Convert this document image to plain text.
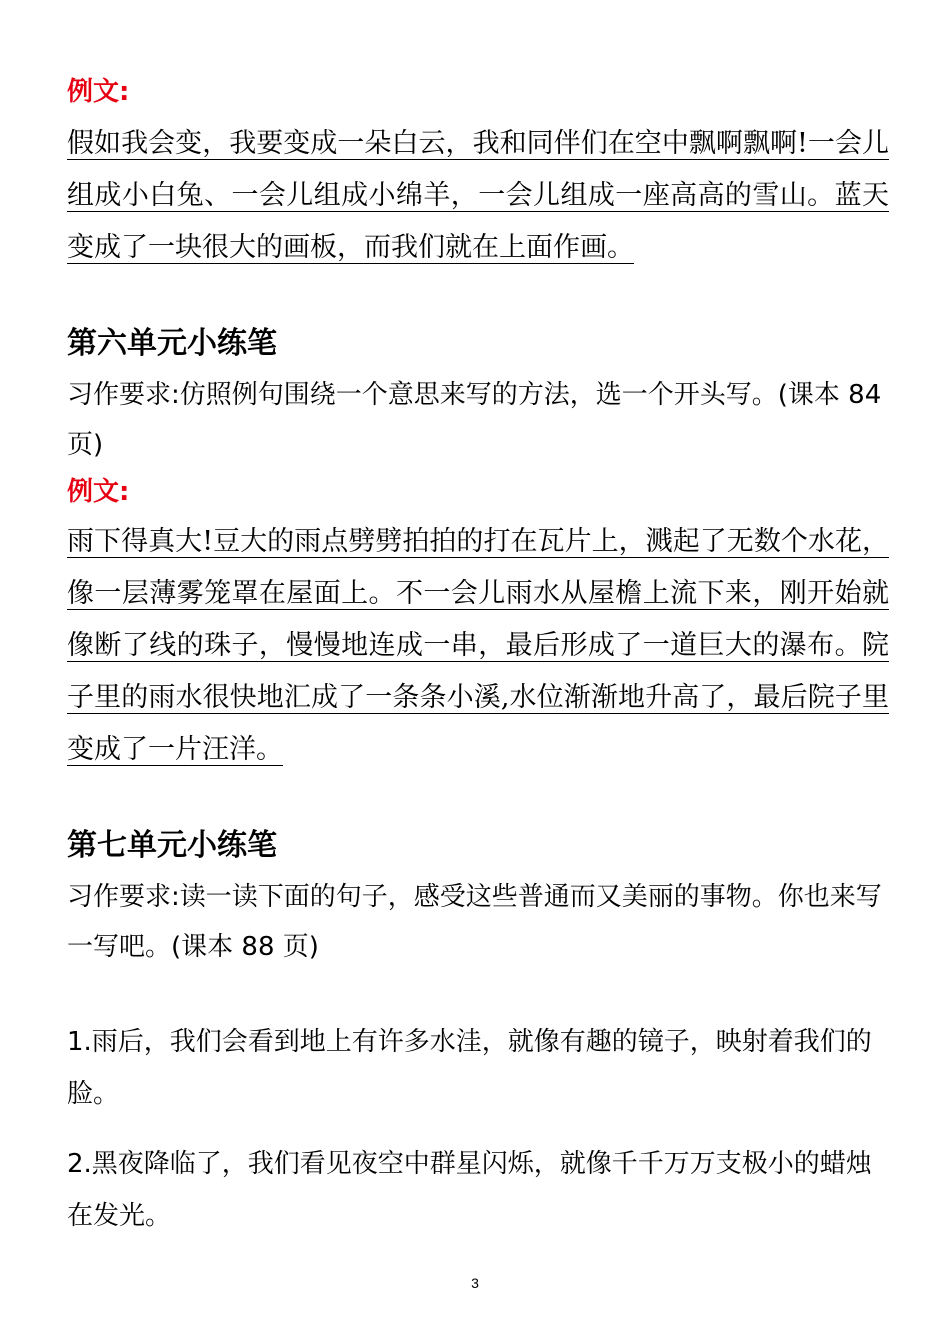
例文:

假如我会变，我要变成一朵白云，我和同伴们在空中飘啊飘啊!一会儿组成小白兔、一会儿组成小绵羊，一会儿组成一座高高的雪山。蓝天变成了一块很大的画板，而我们就在上面作画。

第六单元小练笔

习作要求:仿照例句围绕一个意思来写的方法，选一个开头写。(课本 84 页)

例文:

雨下得真大!豆大的雨点劈劈拍拍的打在瓦片上，溅起了无数个水花，像一层薄雾笼罩在屋面上。不一会儿雨水从屋檐上流下来，刚开始就像断了线的珠子，慢慢地连成一串，最后形成了一道巨大的瀑布。院子里的雨水很快地汇成了一条条小溪,水位渐渐地升高了，最后院子里变成了一片汪洋。

第七单元小练笔

习作要求:读一读下面的句子，感受这些普通而又美丽的事物。你也来写一写吧。(课本 88 页)

1.雨后，我们会看到地上有许多水洼，就像有趣的镜子，映射着我们的脸。

2.黑夜降临了，我们看见夜空中群星闪烁，就像千千万万支极小的蜡烛在发光。

3
